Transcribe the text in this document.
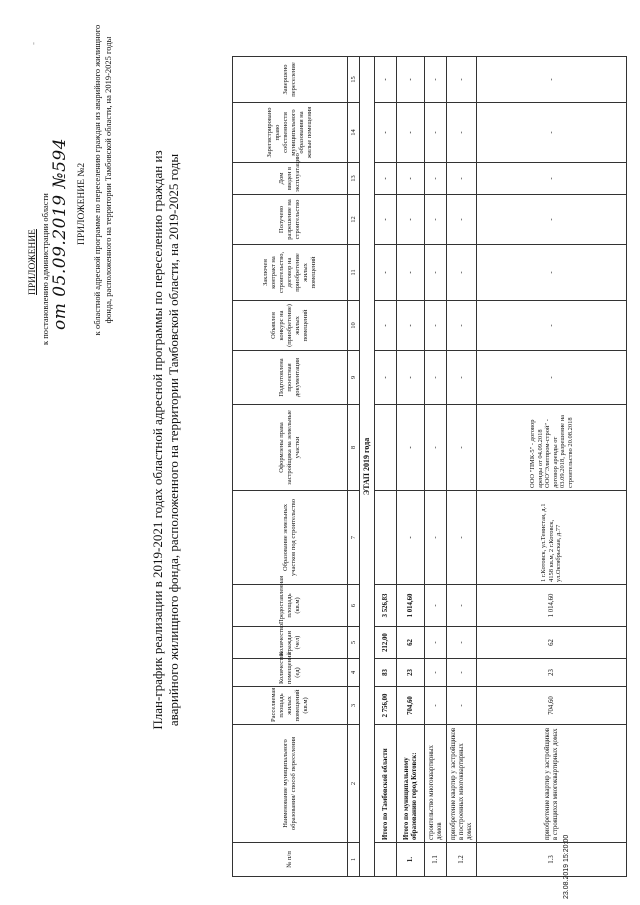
-
ПРИЛОЖЕНИЕ к постановлению администрации области от 05.09.2019 №594 ПРИЛОЖЕНИЕ №2 к областной адресной программе по переселению граждан из аварийного жилищного фонда, расположенного на территории Тамбовской области, на 2019-2025 годы	План-график реализации в 2019-2021 годах областной адресной программы по переселению граждан из аварийного жилищного фонда, расположенного на территории Тамбовской области, на 2019-2025 годы
№ п/п	Наименование муниципального образования/ способ переселения	Расселяемая площадь жилых помещений (кв.м)	Количество помещений (ед)	Количество граждан (чел)	Предоставленная площадь (кв.м)	Образование земельных участков под строительство	Оформлены права застройщика на земельные участки	Подготовлена проектная документация	Объявлен конкурс на (приобретение) жилых помещений	Заключен контракт на строительство, договор на приобретение жилых помещений	Получено разрешение на строительство	Дом введен в эксплуатацию	Зарегистрировано право собственности муниципального образования на жилые помещения	Завершено переселение
1	2	3	4	5	6	7	8	9	10	11	12	13	14	15
ЭТАП 2019 года														
	Итого по Тамбовской области	2 756,00	83	212,00	3 526,83			-	-	-	-	-	-	-
1.	Итого по муниципальному образованию город Котовск:	704,60	23	62	1 014,60	-	-	-	-	-	-	-	-	-
1.1	строительство многоквартирных домов	-	-	-	-	-	-	-	-	-	-	-	-	-
1.2	приобретение квартир у застройщиков в построенных многоквартирных домах	-	-	-	-	-	-	-	-	-	-	-	-	-
1.3	приобретение квартир у застройщиков в строящихся многоквартирных домах	704,60	23	62	1 014,60	1 г.Котовск, ул.Тенистая, д.1 4158 кв.м, 2 г.Котовск, ул.Октябрьская, д.77	ООО "ПМК-5" - договор аренды от 04.09.2018 ООО"Элитпром-строй" - договор аренды от 03.09.2018, разрешение на строительство 20.08.2018	-	-	-	-	-	-	-
23.08.2019 15:20:00
